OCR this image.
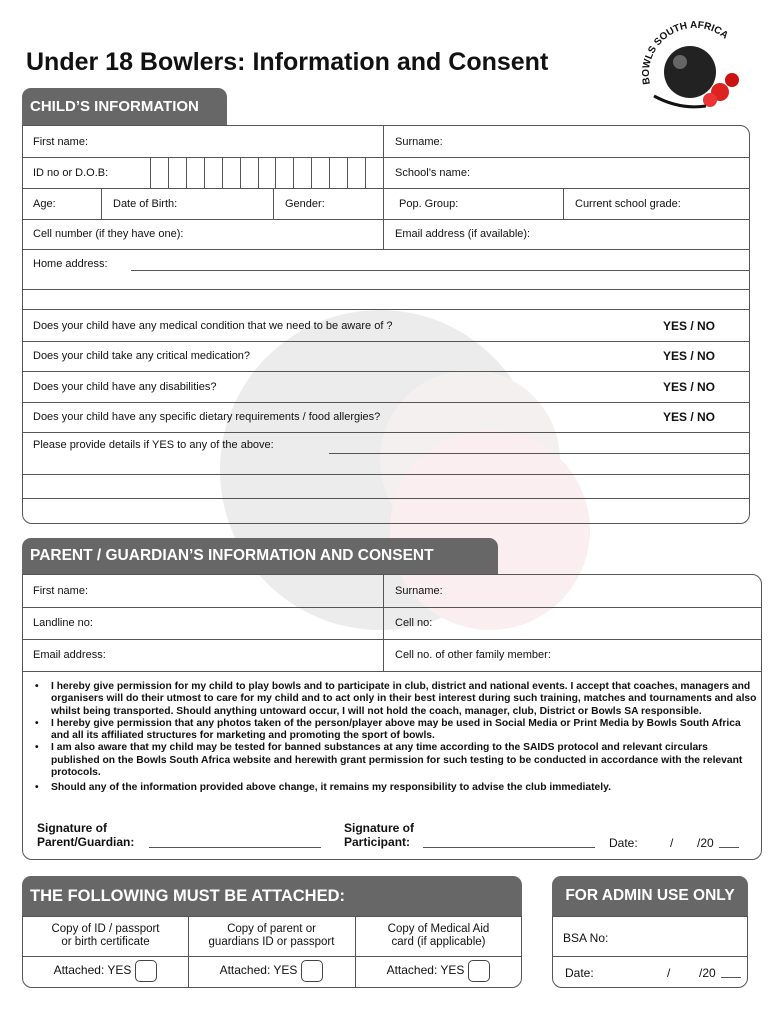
Under 18 Bowlers: Information and Consent
BOWLS SOUTH AFRICA
CHILD’S INFORMATION
First name:	Surname:
ID no or D.O.B:	School’s name:
Age:	Date of Birth:	Gender:	Pop. Group:	Current school grade:
Cell number (if they have one):	Email address (if available):
Home address:
Does your child have any medical condition that we need to be aware of ?	YES / NO
Does your child take any critical medication?	YES / NO
Does your child have any disabilities?	YES / NO
Does your child have any specific dietary requirements / food allergies?	YES / NO
Please provide details if YES to any of the above:
PARENT / GUARDIAN’S INFORMATION AND CONSENT
First name:	Surname:
Landline no:	Cell no:
Email address:	Cell no. of other family member:
• I hereby give permission for my child to play bowls and to participate in club, district and national events. I accept that coaches, managers and organisers will do their utmost to care for my child and to act only in their best interest during such training, matches and tournaments and also whilst being transported. Should anything untoward occur, I will not hold the coach, manager, club, District or Bowls SA responsible.
• I hereby give permission that any photos taken of the person/player above may be used in Social Media or Print Media by Bowls South Africa and all its affiliated structures for marketing and promoting the sport of bowls.
• I am also aware that my child may be tested for banned substances at any time according to the SAIDS protocol and relevant circulars published on the Bowls South Africa website and herewith grant permission for such testing to be conducted in accordance with the relevant protocols.
• Should any of the information provided above change, it remains my responsibility to advise the club immediately.
Signature of
Parent/Guardian:
Signature of
Participant:	Date:	/ /20
THE FOLLOWING MUST BE ATTACHED:
Copy of ID / passport
or birth certificate
Copy of parent or
guardians ID or passport
Copy of Medical Aid
card (if applicable)
Attached: YES	Attached: YES	Attached: YES
FOR ADMIN USE ONLY
BSA No:
Date:	/ /20
